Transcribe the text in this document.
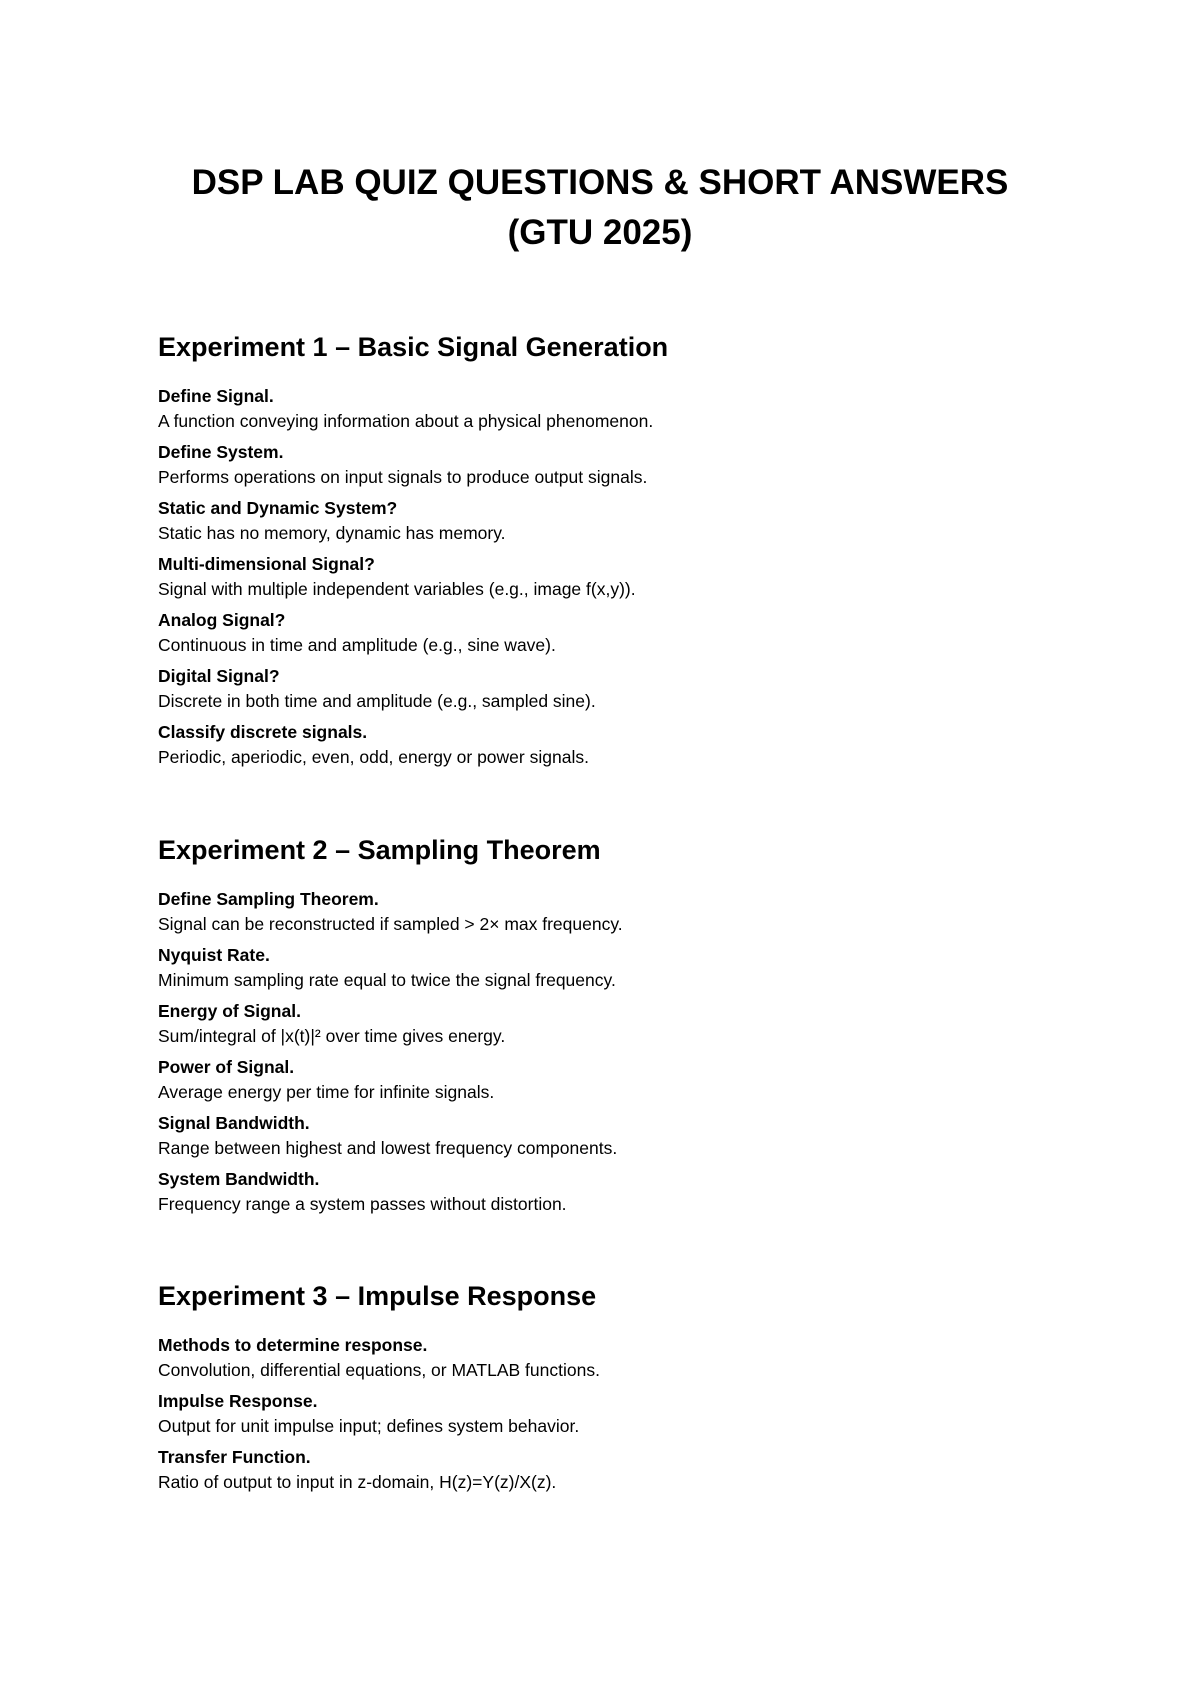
DSP LAB QUIZ QUESTIONS & SHORT ANSWERS
(GTU 2025)
Experiment 1 – Basic Signal Generation
Define Signal.
A function conveying information about a physical phenomenon.
Define System.
Performs operations on input signals to produce output signals.
Static and Dynamic System?
Static has no memory, dynamic has memory.
Multi-dimensional Signal?
Signal with multiple independent variables (e.g., image f(x,y)).
Analog Signal?
Continuous in time and amplitude (e.g., sine wave).
Digital Signal?
Discrete in both time and amplitude (e.g., sampled sine).
Classify discrete signals.
Periodic, aperiodic, even, odd, energy or power signals.
Experiment 2 – Sampling Theorem
Define Sampling Theorem.
Signal can be reconstructed if sampled > 2× max frequency.
Nyquist Rate.
Minimum sampling rate equal to twice the signal frequency.
Energy of Signal.
Sum/integral of |x(t)|² over time gives energy.
Power of Signal.
Average energy per time for infinite signals.
Signal Bandwidth.
Range between highest and lowest frequency components.
System Bandwidth.
Frequency range a system passes without distortion.
Experiment 3 – Impulse Response
Methods to determine response.
Convolution, differential equations, or MATLAB functions.
Impulse Response.
Output for unit impulse input; defines system behavior.
Transfer Function.
Ratio of output to input in z-domain, H(z)=Y(z)/X(z).
